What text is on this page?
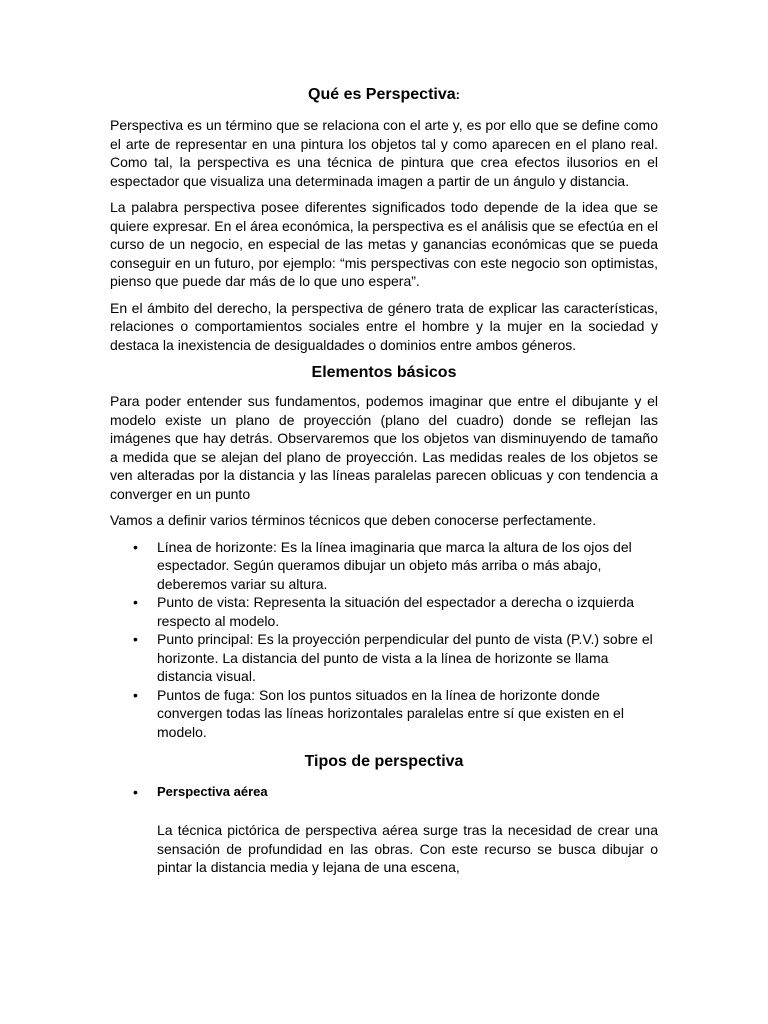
Qué es Perspectiva:

Perspectiva es un término que se relaciona con el arte y, es por ello que se define como el arte de representar en una pintura los objetos tal y como aparecen en el plano real. Como tal, la perspectiva es una técnica de pintura que crea efectos ilusorios en el espectador que visualiza una determinada imagen a partir de un ángulo y distancia.

La palabra perspectiva posee diferentes significados todo depende de la idea que se quiere expresar. En el área económica, la perspectiva es el análisis que se efectúa en el curso de un negocio, en especial de las metas y ganancias económicas que se pueda conseguir en un futuro, por ejemplo: “mis perspectivas con este negocio son optimistas, pienso que puede dar más de lo que uno espera”.

En el ámbito del derecho, la perspectiva de género trata de explicar las características, relaciones o comportamientos sociales entre el hombre y la mujer en la sociedad y destaca la inexistencia de desigualdades o dominios entre ambos géneros.

Elementos básicos

Para poder entender sus fundamentos, podemos imaginar que entre el dibujante y el modelo existe un plano de proyección (plano del cuadro) donde se reflejan las imágenes que hay detrás. Observaremos que los objetos van disminuyendo de tamaño a medida que se alejan del plano de proyección. Las medidas reales de los objetos se ven alteradas por la distancia y las líneas paralelas parecen oblicuas y con tendencia a converger en un punto

Vamos a definir varios términos técnicos que deben conocerse perfectamente.

• Línea de horizonte: Es la línea imaginaria que marca la altura de los ojos del espectador. Según queramos dibujar un objeto más arriba o más abajo, deberemos variar su altura.
• Punto de vista: Representa la situación del espectador a derecha o izquierda respecto al modelo.
• Punto principal: Es la proyección perpendicular del punto de vista (P.V.) sobre el horizonte. La distancia del punto de vista a la línea de horizonte se llama distancia visual.
• Puntos de fuga: Son los puntos situados en la línea de horizonte donde convergen todas las líneas horizontales paralelas entre sí que existen en el modelo.
Tipos de perspectiva
• Perspectiva aérea

La técnica pictórica de perspectiva aérea surge tras la necesidad de crear una sensación de profundidad en las obras. Con este recurso se busca dibujar o pintar la distancia media y lejana de una escena,
